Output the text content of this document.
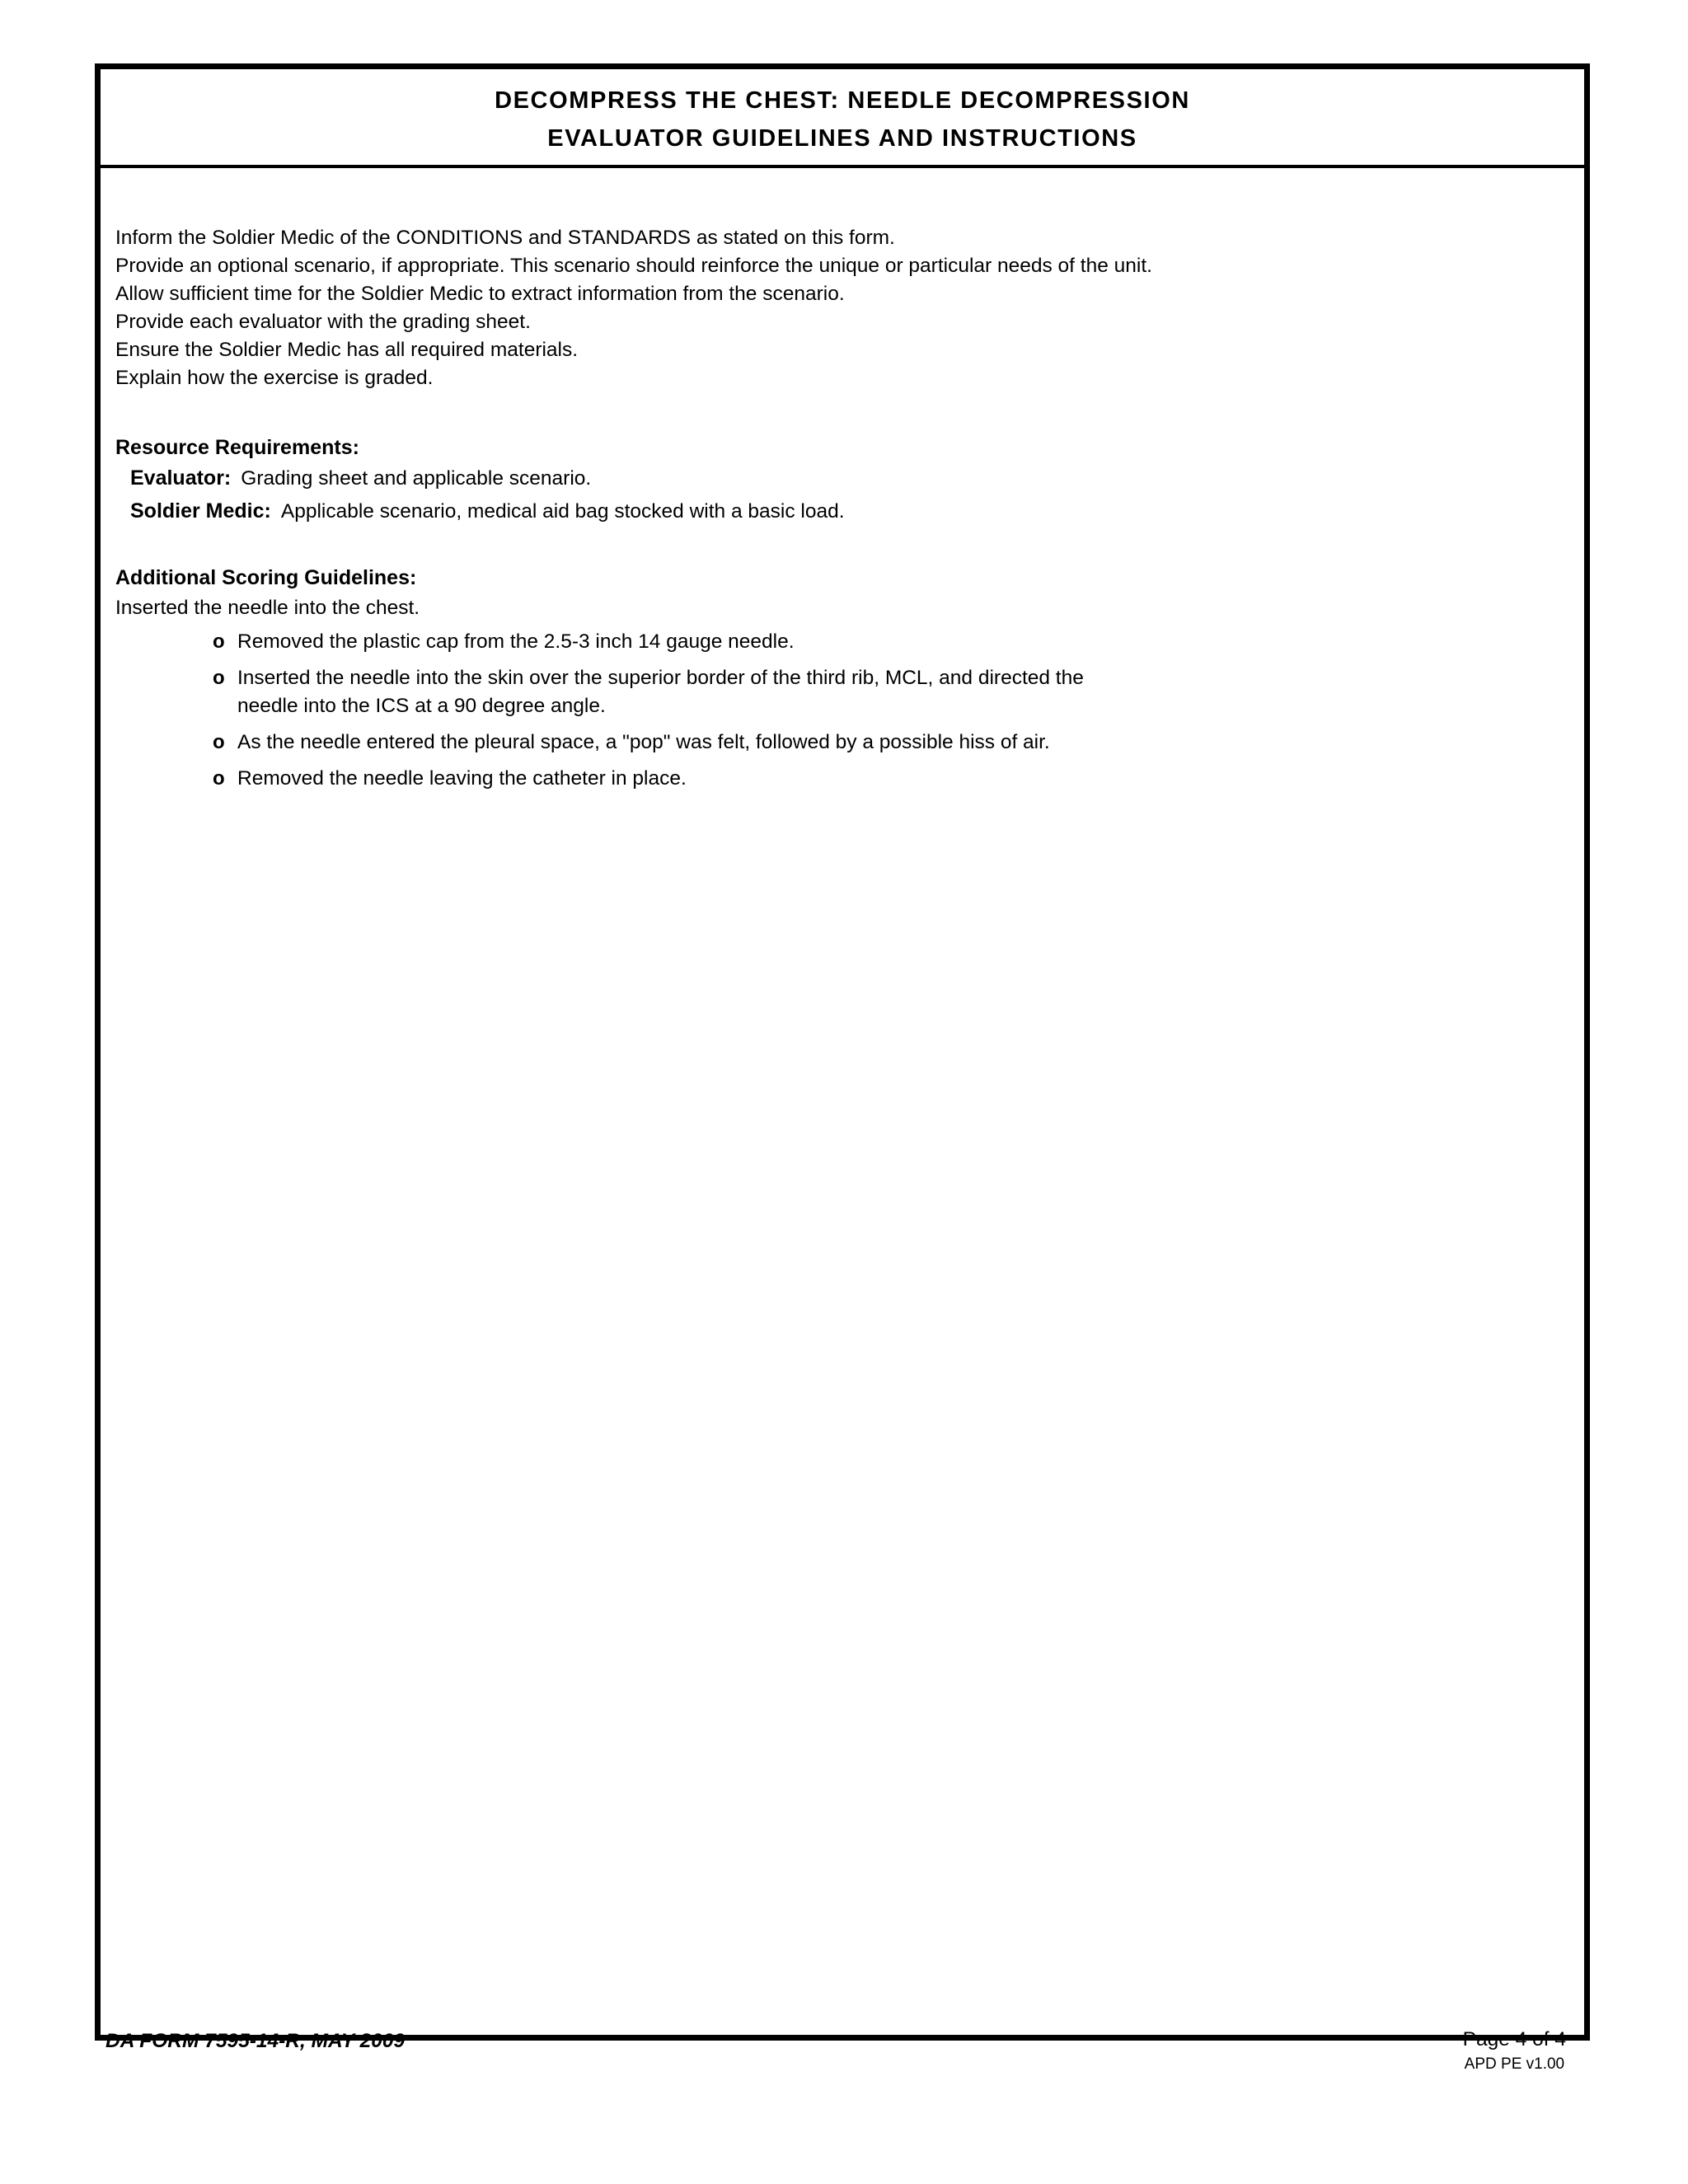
DECOMPRESS THE CHEST: NEEDLE DECOMPRESSION
EVALUATOR GUIDELINES AND INSTRUCTIONS
Inform the Soldier Medic of the CONDITIONS and STANDARDS as stated on this form.
Provide an optional scenario, if appropriate. This scenario should reinforce the unique or particular needs of the unit.
Allow sufficient time for the Soldier Medic to extract information from the scenario.
Provide each evaluator with the grading sheet.
Ensure the Soldier Medic has all required materials.
Explain how the exercise is graded.
Resource Requirements:
Evaluator: Grading sheet and applicable scenario.
Soldier Medic: Applicable scenario, medical aid bag stocked with a basic load.
Additional Scoring Guidelines:
Inserted the needle into the chest.
o Removed the plastic cap from the 2.5-3 inch 14 gauge needle.
o Inserted the needle into the skin over the superior border of the third rib, MCL, and directed the needle into the ICS at a 90 degree angle.
o As the needle entered the pleural space, a "pop" was felt, followed by a possible hiss of air.
o Removed the needle leaving the catheter in place.
DA FORM 7595-14-R, MAY 2009	Page 4 of 4
APD PE v1.00
